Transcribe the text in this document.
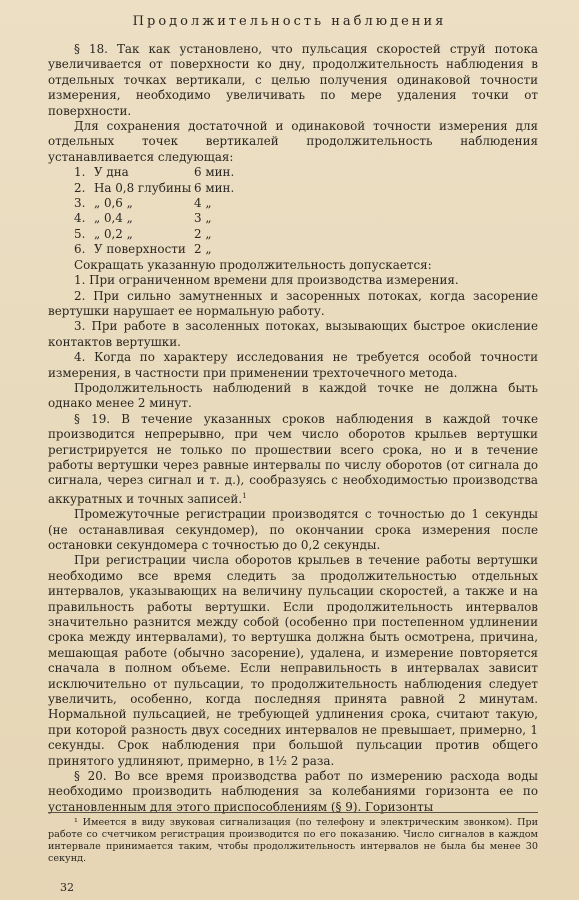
Продолжительность наблюдения

§ 18. Так как установлено, что пульсация скоростей струй потока увеличивается от поверхности ко дну, продолжительность наблюдения в отдельных точках вертикали, с целью получения одинаковой точности измерения, необходимо увеличивать по мере удаления точки от поверхности.

Для сохранения достаточной и одинаковой точности измерения для отдельных точек вертикалей продолжительность наблюдения устанавливается следующая:

1. У дна	6 мин.
2. На 0,8 глубины 6 мин.
3. „ 0,6 „	4 „
4. „ 0,4 „	3 „
5. „ 0,2 „	2 „
6. У поверхности 2 „

Сокращать указанную продолжительность допускается:

1. При ограниченном времени для производства измерения.

2. При сильно замутненных и засоренных потоках, когда засорение вертушки нарушает ее нормальную работу.

3. При работе в засоленных потоках, вызывающих быстрое окисление контактов вертушки.

4. Когда по характеру исследования не требуется особой точности измерения, в частности при применении трехточечного метода.

Продолжительность наблюдений в каждой точке не должна быть однако менее 2 минут.

§ 19. В течение указанных сроков наблюдения в каждой точке производится непрерывно, при чем число оборотов крыльев вертушки регистрируется не только по прошествии всего срока, но и в течение работы вертушки через равные интервалы по числу оборотов (от сигнала до сигнала, через сигнал и т. д.), сообразуясь с необходимостью производства аккуратных и точных записей.$^1$

Промежуточные регистрации производятся с точностью до 1 секунды (не останавливая секундомер), по окончании срока измерения после остановки секундомера с точностью до 0,2 секунды.

При регистрации числа оборотов крыльев в течение работы вертушки необходимо все время следить за продолжительностью отдельных интервалов, указывающих на величину пульсации скоростей, а также и на правильность работы вертушки. Если продолжительность интервалов значительно разнится между собой (особенно при постепенном удлинении срока между интервалами), то вертушка должна быть осмотрена, причина, мешающая работе (обычно засорение), удалена, и измерение повторяется сначала в полном объеме. Если неправильность в интервалах зависит исключительно от пульсации, то продолжительность наблюдения следует увеличить, особенно, когда последняя принята равной 2 минутам. Нормальной пульсацией, не требующей удлинения срока, считают такую, при которой разность двух соседних интервалов не превышает, примерно, 1 секунды. Срок наблюдения при большой пульсации против общего принятого удлиняют, примерно, в 1½ 2 раза.

§ 20. Во все время производства работ по измерению расхода воды необходимо производить наблюдения за колебаниями горизонта ее по установленным для этого приспособлениям (§ 9). Горизонты

¹ Имеется в виду звуковая сигнализация (по телефону и электрическим звонком). При работе со счетчиком регистрация производится по его показанию. Число сигналов в каждом интервале принимается таким, чтобы продолжительность интервалов не была бы менее 30 секунд.

32
